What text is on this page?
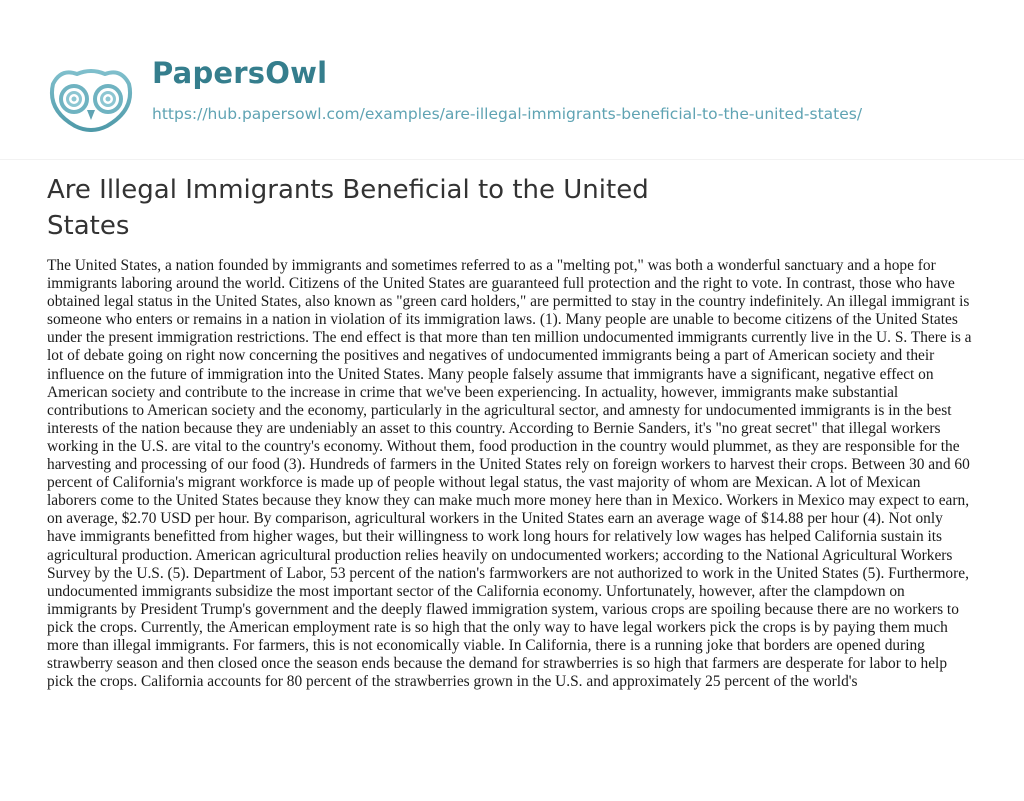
PapersOwl
https://hub.papersowl.com/examples/are-illegal-immigrants-beneficial-to-the-united-states/
Are Illegal Immigrants Beneficial to the United States

The United States, a nation founded by immigrants and sometimes referred to as a "melting pot," was both a wonderful sanctuary and a hope for immigrants laboring around the world. Citizens of the United States are guaranteed full protection and the right to vote. In contrast, those who have obtained legal status in the United States, also known as "green card holders," are permitted to stay in the country indefinitely. An illegal immigrant is someone who enters or remains in a nation in violation of its immigration laws. (1). Many people are unable to become citizens of the United States under the present immigration restrictions. The end effect is that more than ten million undocumented immigrants currently live in the U. S. There is a lot of debate going on right now concerning the positives and negatives of undocumented immigrants being a part of American society and their influence on the future of immigration into the United States. Many people falsely assume that immigrants have a significant, negative effect on American society and contribute to the increase in crime that we've been experiencing. In actuality, however, immigrants make substantial contributions to American society and the economy, particularly in the agricultural sector, and amnesty for undocumented immigrants is in the best interests of the nation because they are undeniably an asset to this country. According to Bernie Sanders, it's "no great secret" that illegal workers working in the U.S. are vital to the country's economy. Without them, food production in the country would plummet, as they are responsible for the harvesting and processing of our food (3). Hundreds of farmers in the United States rely on foreign workers to harvest their crops. Between 30 and 60 percent of California's migrant workforce is made up of people without legal status, the vast majority of whom are Mexican. A lot of Mexican laborers come to the United States because they know they can make much more money here than in Mexico. Workers in Mexico may expect to earn, on average, $2.70 USD per hour. By comparison, agricultural workers in the United States earn an average wage of $14.88 per hour (4). Not only have immigrants benefitted from higher wages, but their willingness to work long hours for relatively low wages has helped California sustain its agricultural production. American agricultural production relies heavily on undocumented workers; according to the National Agricultural Workers Survey by the U.S. (5). Department of Labor, 53 percent of the nation's farmworkers are not authorized to work in the United States (5). Furthermore, undocumented immigrants subsidize the most important sector of the California economy. Unfortunately, however, after the clampdown on immigrants by President Trump's government and the deeply flawed immigration system, various crops are spoiling because there are no workers to pick the crops. Currently, the American employment rate is so high that the only way to have legal workers pick the crops is by paying them much more than illegal immigrants. For farmers, this is not economically viable. In California, there is a running joke that borders are opened during strawberry season and then closed once the season ends because the demand for strawberries is so high that farmers are desperate for labor to help pick the crops. California accounts for 80 percent of the strawberries grown in the U.S. and approximately 25 percent of the world's
